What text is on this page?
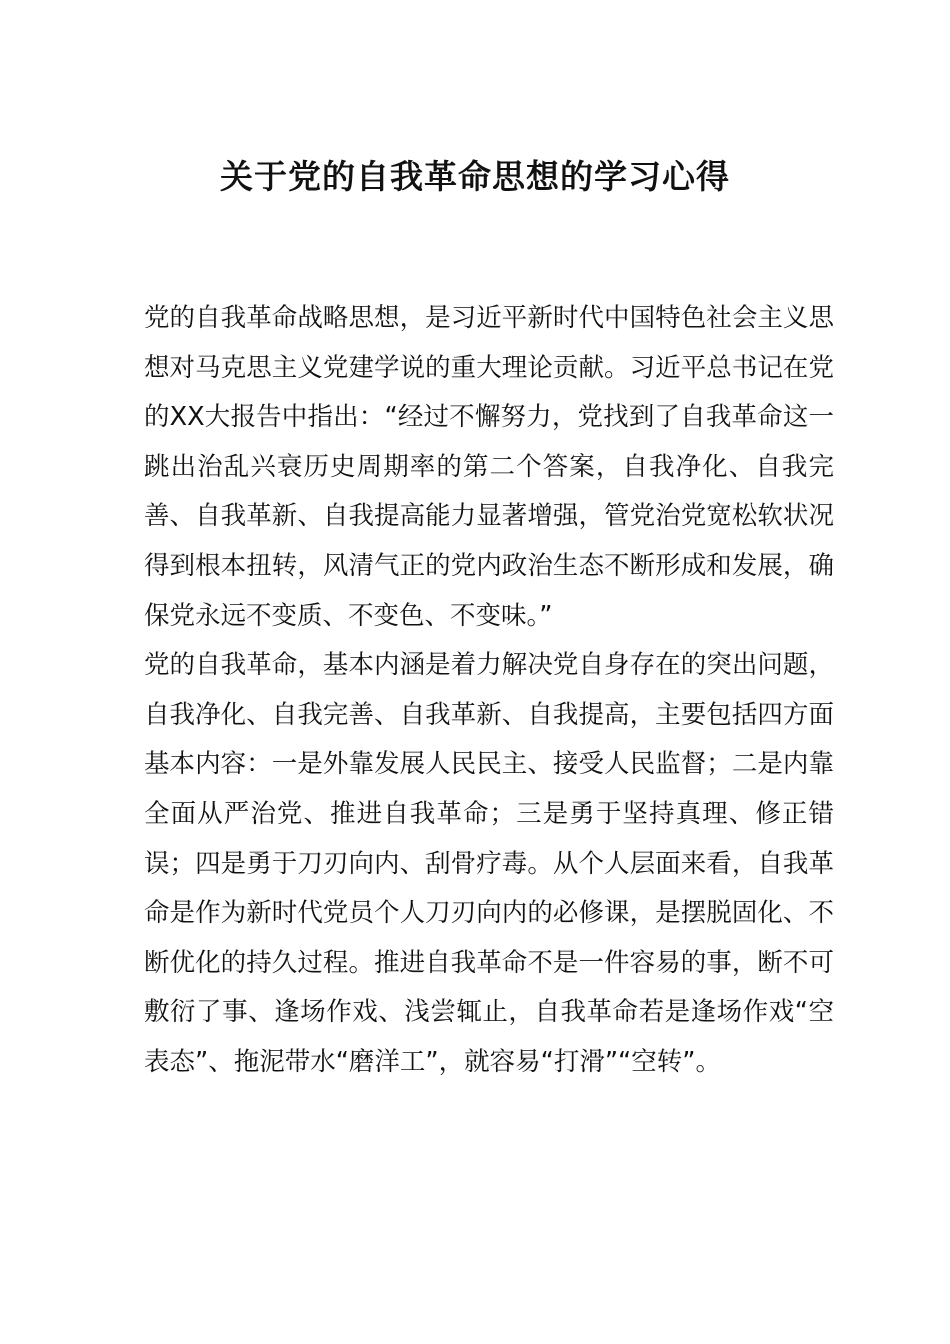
关于党的自我革命思想的学习心得

党的自我革命战略思想，是习近平新时代中国特色社会主义思想对马克思主义党建学说的重大理论贡献。习近平总书记在党的XX大报告中指出：“经过不懈努力，党找到了自我革命这一跳出治乱兴衰历史周期率的第二个答案，自我净化、自我完善、自我革新、自我提高能力显著增强，管党治党宽松软状况得到根本扭转，风清气正的党内政治生态不断形成和发展，确保党永远不变质、不变色、不变味。”

党的自我革命，基本内涵是着力解决党自身存在的突出问题，自我净化、自我完善、自我革新、自我提高，主要包括四方面基本内容：一是外靠发展人民民主、接受人民监督；二是内靠全面从严治党、推进自我革命；三是勇于坚持真理、修正错误；四是勇于刀刃向内、刮骨疗毒。从个人层面来看，自我革命是作为新时代党员个人刀刃向内的必修课，是摆脱固化、不断优化的持久过程。推进自我革命不是一件容易的事，断不可敷衍了事、逢场作戏、浅尝辄止，自我革命若是逢场作戏“空表态”、拖泥带水“磨洋工”，就容易“打滑”“空转”。
